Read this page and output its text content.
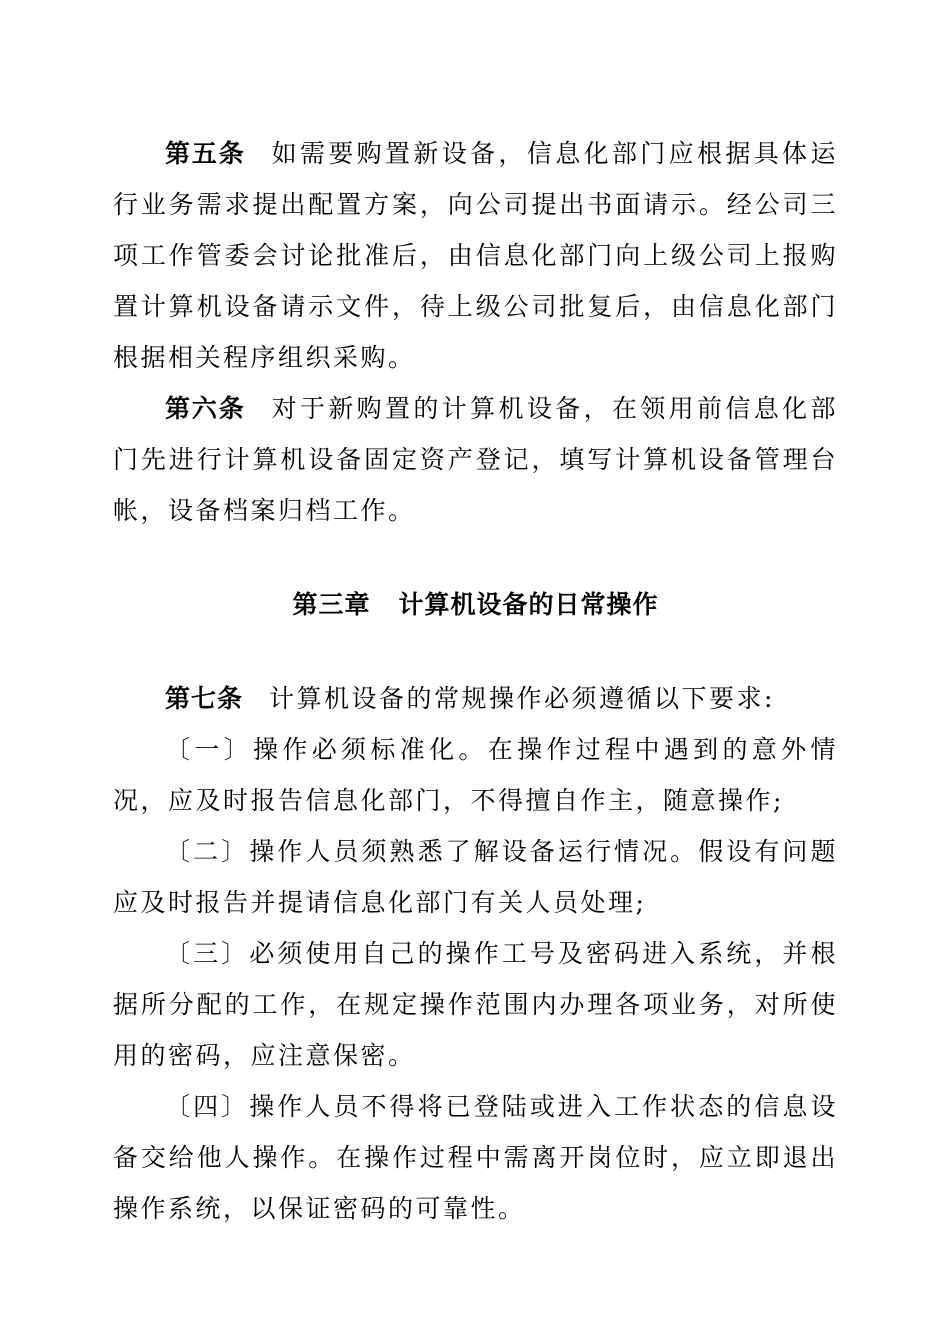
第五条 如需要购置新设备，信息化部门应根据具体运行业务需求提出配置方案，向公司提出书面请示。经公司三项工作管委会讨论批准后，由信息化部门向上级公司上报购置计算机设备请示文件，待上级公司批复后，由信息化部门根据相关程序组织采购。

第六条 对于新购置的计算机设备，在领用前信息化部门先进行计算机设备固定资产登记，填写计算机设备管理台帐，设备档案归档工作。

第三章 计算机设备的日常操作

第七条 计算机设备的常规操作必须遵循以下要求:

〔一〕操作必须标准化。在操作过程中遇到的意外情况，应及时报告信息化部门，不得擅自作主，随意操作;

〔二〕操作人员须熟悉了解设备运行情况。假设有问题应及时报告并提请信息化部门有关人员处理;

〔三〕必须使用自己的操作工号及密码进入系统，并根据所分配的工作，在规定操作范围内办理各项业务，对所使用的密码，应注意保密。

〔四〕操作人员不得将已登陆或进入工作状态的信息设备交给他人操作。在操作过程中需离开岗位时，应立即退出操作系统，以保证密码的可靠性。
